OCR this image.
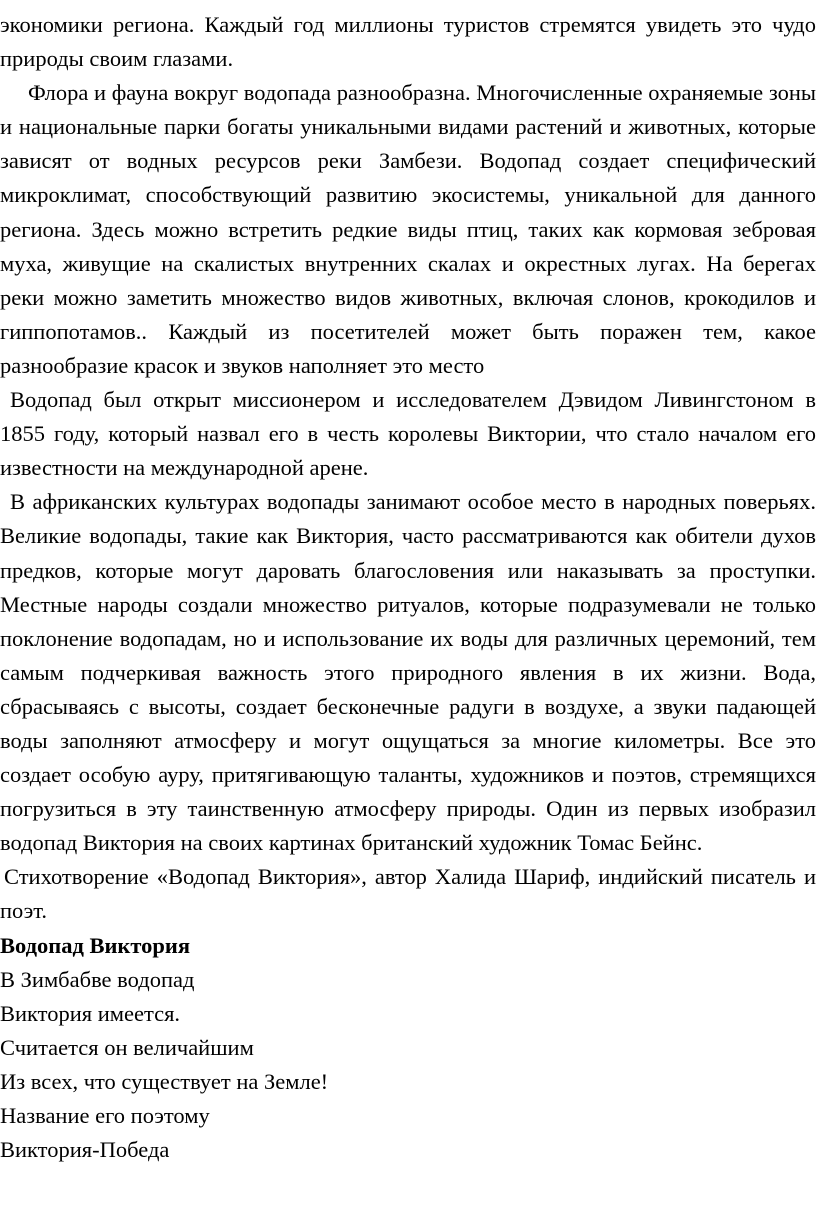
экономики региона. Каждый год миллионы туристов стремятся увидеть это чудо природы своим глазами.

Флора и фауна вокруг водопада разнообразна. Многочисленные охраняемые зоны и национальные парки богаты уникальными видами растений и животных, которые зависят от водных ресурсов реки Замбези. Водопад создает специфический микроклимат, способствующий развитию экосистемы, уникальной для данного региона. Здесь можно встретить редкие виды птиц, таких как кормовая зебровая муха, живущие на скалистых внутренних скалах и окрестных лугах. На берегах реки можно заметить множество видов животных, включая слонов, крокодилов и гиппопотамов.. Каждый из посетителей может быть поражен тем, какое разнообразие красок и звуков наполняет это место

Водопад был открыт миссионером и исследователем Дэвидом Ливингстоном в 1855 году, который назвал его в честь королевы Виктории, что стало началом его известности на международной арене.

В африканских культурах водопады занимают особое место в народных поверьях. Великие водопады, такие как Виктория, часто рассматриваются как обители духов предков, которые могут даровать благословения или наказывать за проступки. Местные народы создали множество ритуалов, которые подразумевали не только поклонение водопадам, но и использование их воды для различных церемоний, тем самым подчеркивая важность этого природного явления в их жизни. Вода, сбрасываясь с высоты, создает бесконечные радуги в воздухе, а звуки падающей воды заполняют атмосферу и могут ощущаться за многие километры. Все это создает особую ауру, притягивающую таланты, художников и поэтов, стремящихся погрузиться в эту таинственную атмосферу природы. Один из первых изобразил водопад Виктория на своих картинах британский художник Томас Бейнс.

Стихотворение «Водопад Виктория», автор Халида Шариф, индийский писатель и поэт.

Водопад Виктория

В Зимбабве водопад

Виктория имеется.

Считается он величайшим

Из всех, что существует на Земле!

Название его поэтому

Виктория-Победа
